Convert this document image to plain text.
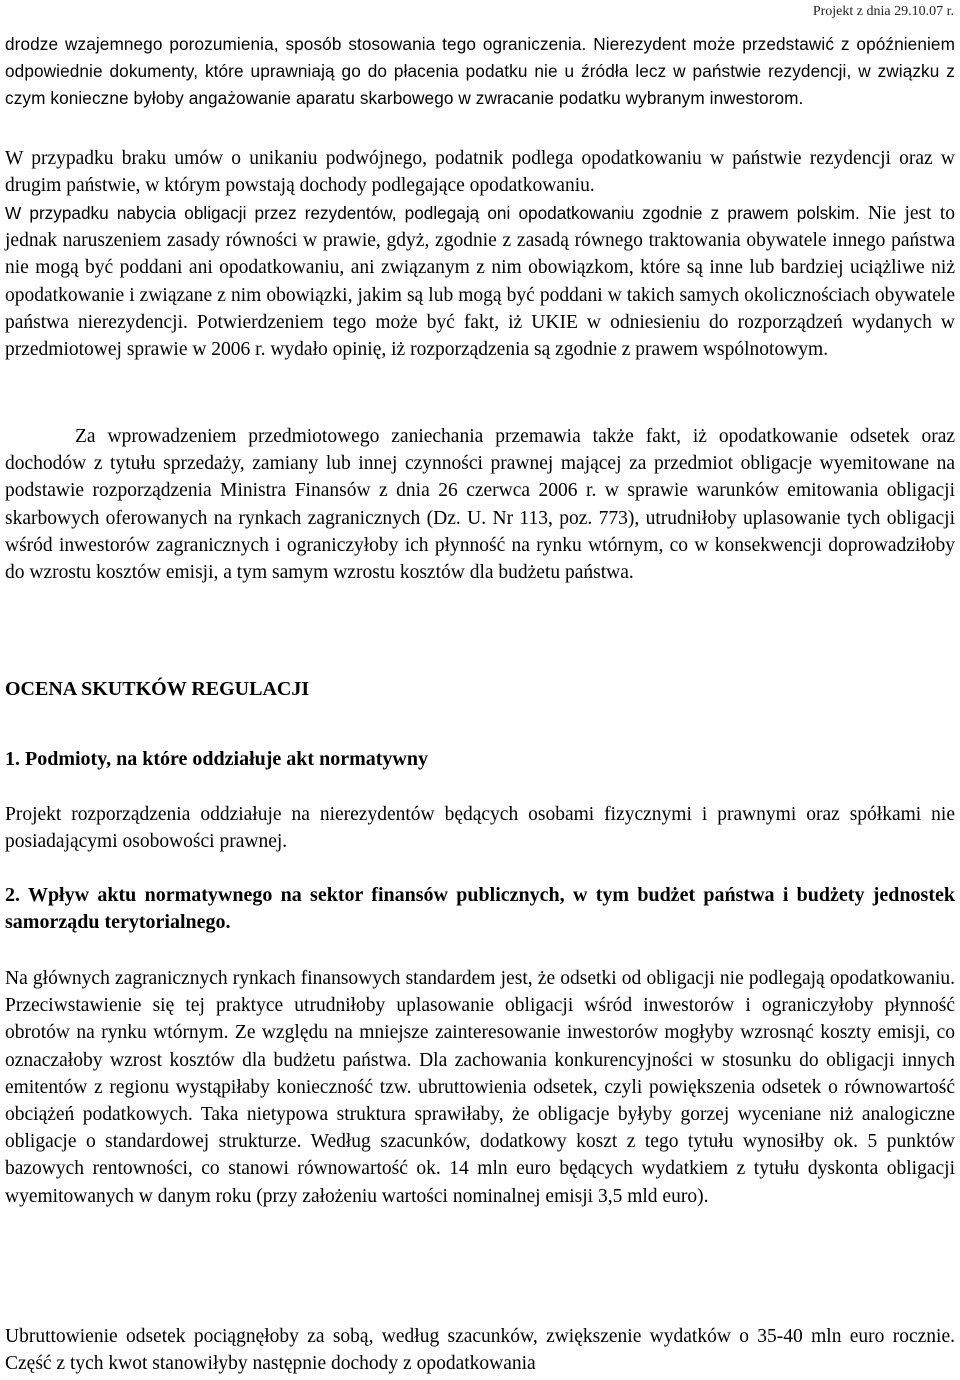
Projekt z dnia 29.10.07 r.

drodze wzajemnego porozumienia, sposób stosowania tego ograniczenia. Nierezydent może przedstawić z opóźnieniem odpowiednie dokumenty, które uprawniają go do płacenia podatku nie u źródła lecz w państwie rezydencji, w związku z czym konieczne byłoby angażowanie aparatu skarbowego w zwracanie podatku wybranym inwestorom.

W przypadku braku umów o unikaniu podwójnego, podatnik podlega opodatkowaniu w państwie rezydencji oraz w drugim państwie, w którym powstają dochody podlegające opodatkowaniu.

W przypadku nabycia obligacji przez rezydentów, podlegają oni opodatkowaniu zgodnie z prawem polskim. Nie jest to jednak naruszeniem zasady równości w prawie, gdyż, zgodnie z zasadą równego traktowania obywatele innego państwa nie mogą być poddani ani opodatkowaniu, ani związanym z nim obowiązkom, które są inne lub bardziej uciążliwe niż opodatkowanie i związane z nim obowiązki, jakim są lub mogą być poddani w takich samych okolicznościach obywatele państwa nierezydencji. Potwierdzeniem tego może być fakt, iż UKIE w odniesieniu do rozporządzeń wydanych w przedmiotowej sprawie w 2006 r. wydało opinię, iż rozporządzenia są zgodnie z prawem wspólnotowym.

Za wprowadzeniem przedmiotowego zaniechania przemawia także fakt, iż opodatkowanie odsetek oraz dochodów z tytułu sprzedaży, zamiany lub innej czynności prawnej mającej za przedmiot obligacje wyemitowane na podstawie rozporządzenia Ministra Finansów z dnia 26 czerwca 2006 r. w sprawie warunków emitowania obligacji skarbowych oferowanych na rynkach zagranicznych (Dz. U. Nr 113, poz. 773), utrudniłoby uplasowanie tych obligacji wśród inwestorów zagranicznych i ograniczyłoby ich płynność na rynku wtórnym, co w konsekwencji doprowadziłoby do wzrostu kosztów emisji, a tym samym wzrostu kosztów dla budżetu państwa.

OCENA SKUTKÓW REGULACJI
1. Podmioty, na które oddziałuje akt normatywny

Projekt rozporządzenia oddziałuje na nierezydentów będących osobami fizycznymi i prawnymi oraz spółkami nie posiadającymi osobowości prawnej.

2. Wpływ aktu normatywnego na sektor finansów publicznych, w tym budżet państwa i budżety jednostek samorządu terytorialnego.

Na głównych zagranicznych rynkach finansowych standardem jest, że odsetki od obligacji nie podlegają opodatkowaniu. Przeciwstawienie się tej praktyce utrudniłoby uplasowanie obligacji wśród inwestorów i ograniczyłoby płynność obrotów na rynku wtórnym. Ze względu na mniejsze zainteresowanie inwestorów mogłyby wzrosnąć koszty emisji, co oznaczałoby wzrost kosztów dla budżetu państwa. Dla zachowania konkurencyjności w stosunku do obligacji innych emitentów z regionu wystąpiłaby konieczność tzw. ubruttowienia odsetek, czyli powiększenia odsetek o równowartość obciążeń podatkowych. Taka nietypowa struktura sprawiłaby, że obligacje byłyby gorzej wyceniane niż analogiczne obligacje o standardowej strukturze. Według szacunków, dodatkowy koszt z tego tytułu wynosiłby ok. 5 punktów bazowych rentowności, co stanowi równowartość ok. 14 mln euro będących wydatkiem z tytułu dyskonta obligacji wyemitowanych w danym roku (przy założeniu wartości nominalnej emisji 3,5 mld euro).

Ubruttowienie odsetek pociągnęłoby za sobą, według szacunków, zwiększenie wydatków o 35-40 mln euro rocznie. Część z tych kwot stanowiłyby następnie dochody z opodatkowania
